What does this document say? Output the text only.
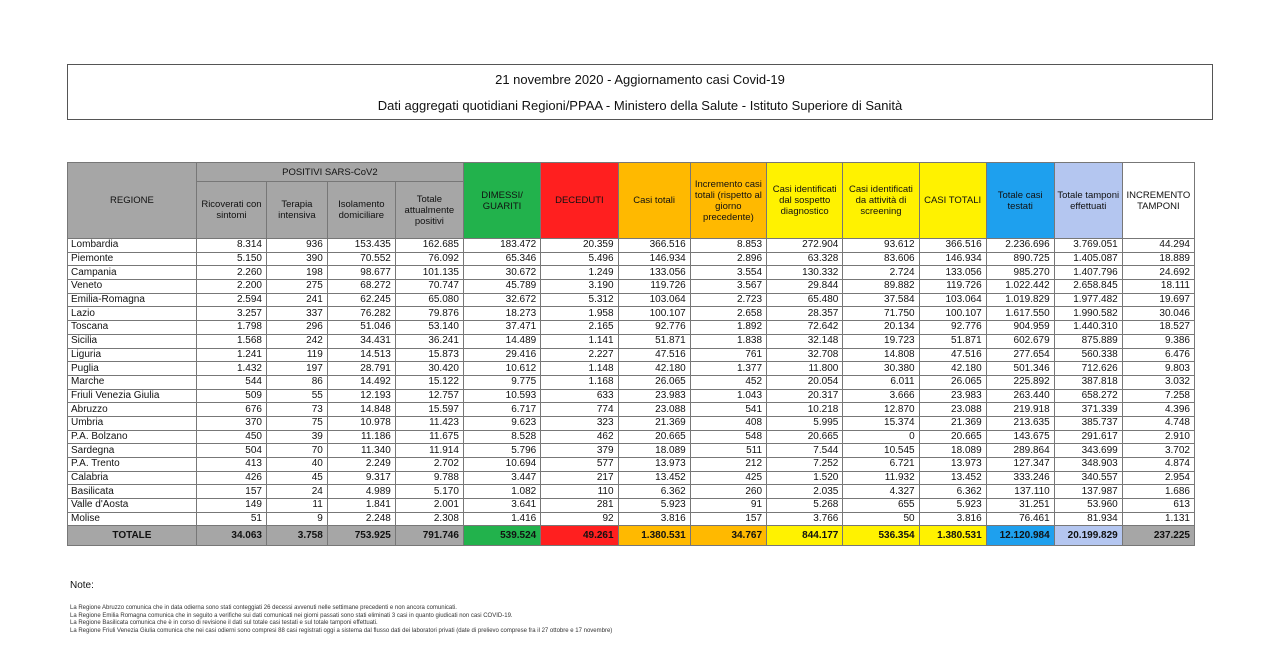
21 novembre 2020 - Aggiornamento casi Covid-19
Dati aggregati quotidiani Regioni/PPAA - Ministero della Salute - Istituto Superiore di Sanità
REGIONE	POSITIVI SARS-CoV2				DIMESSI/ GUARITI	DECEDUTI	Casi totali	Incremento casi totali (rispetto al giorno precedente)	Casi identificati dal sospetto diagnostico	Casi identificati da attività di screening	CASI TOTALI	Totale casi testati	Totale tamponi effettuati	INCREMENTO TAMPONI
	Ricoverati con sintomi	Terapia intensiva	Isolamento domiciliare	Totale attualmente positivi										
Lombardia	8.314	936	153.435	162.685	183.472	20.359	366.516	8.853	272.904	93.612	366.516	2.236.696	3.769.051	44.294
Piemonte	5.150	390	70.552	76.092	65.346	5.496	146.934	2.896	63.328	83.606	146.934	890.725	1.405.087	18.889
Campania	2.260	198	98.677	101.135	30.672	1.249	133.056	3.554	130.332	2.724	133.056	985.270	1.407.796	24.692
Veneto	2.200	275	68.272	70.747	45.789	3.190	119.726	3.567	29.844	89.882	119.726	1.022.442	2.658.845	18.111
Emilia-Romagna	2.594	241	62.245	65.080	32.672	5.312	103.064	2.723	65.480	37.584	103.064	1.019.829	1.977.482	19.697
Lazio	3.257	337	76.282	79.876	18.273	1.958	100.107	2.658	28.357	71.750	100.107	1.617.550	1.990.582	30.046
Toscana	1.798	296	51.046	53.140	37.471	2.165	92.776	1.892	72.642	20.134	92.776	904.959	1.440.310	18.527
Sicilia	1.568	242	34.431	36.241	14.489	1.141	51.871	1.838	32.148	19.723	51.871	602.679	875.889	9.386
Liguria	1.241	119	14.513	15.873	29.416	2.227	47.516	761	32.708	14.808	47.516	277.654	560.338	6.476
Puglia	1.432	197	28.791	30.420	10.612	1.148	42.180	1.377	11.800	30.380	42.180	501.346	712.626	9.803
Marche	544	86	14.492	15.122	9.775	1.168	26.065	452	20.054	6.011	26.065	225.892	387.818	3.032
Friuli Venezia Giulia	509	55	12.193	12.757	10.593	633	23.983	1.043	20.317	3.666	23.983	263.440	658.272	7.258
Abruzzo	676	73	14.848	15.597	6.717	774	23.088	541	10.218	12.870	23.088	219.918	371.339	4.396
Umbria	370	75	10.978	11.423	9.623	323	21.369	408	5.995	15.374	21.369	213.635	385.737	4.748
P.A. Bolzano	450	39	11.186	11.675	8.528	462	20.665	548	20.665	0	20.665	143.675	291.617	2.910
Sardegna	504	70	11.340	11.914	5.796	379	18.089	511	7.544	10.545	18.089	289.864	343.699	3.702
P.A. Trento	413	40	2.249	2.702	10.694	577	13.973	212	7.252	6.721	13.973	127.347	348.903	4.874
Calabria	426	45	9.317	9.788	3.447	217	13.452	425	1.520	11.932	13.452	333.246	340.557	2.954
Basilicata	157	24	4.989	5.170	1.082	110	6.362	260	2.035	4.327	6.362	137.110	137.987	1.686
Valle d'Aosta	149	11	1.841	2.001	3.641	281	5.923	91	5.268	655	5.923	31.251	53.960	613
Molise	51	9	2.248	2.308	1.416	92	3.816	157	3.766	50	3.816	76.461	81.934	1.131
TOTALE	34.063	3.758	753.925	791.746	539.524	49.261	1.380.531	34.767	844.177	536.354	1.380.531	12.120.984	20.199.829	237.225
Note:
La Regione Abruzzo comunica che in data odierna sono stati conteggiati 26 decessi avvenuti nelle settimane precedenti e non ancora comunicati.
La Regione Emilia Romagna comunica che in seguito a verifiche sui dati comunicati nei giorni passati sono stati eliminati 3 casi in quanto giudicati non casi COVID-19.
La Regione Basilicata comunica che è in corso di revisione il dati sul totale casi testati e sul totale tamponi effettuati.
La Regione Friuli Venezia Giulia comunica che nei casi odierni sono compresi 88 casi registrati oggi a sistema dal flusso dati dei laboratori privati (date di prelievo comprese fra il 27 ottobre e 17 novembre)
